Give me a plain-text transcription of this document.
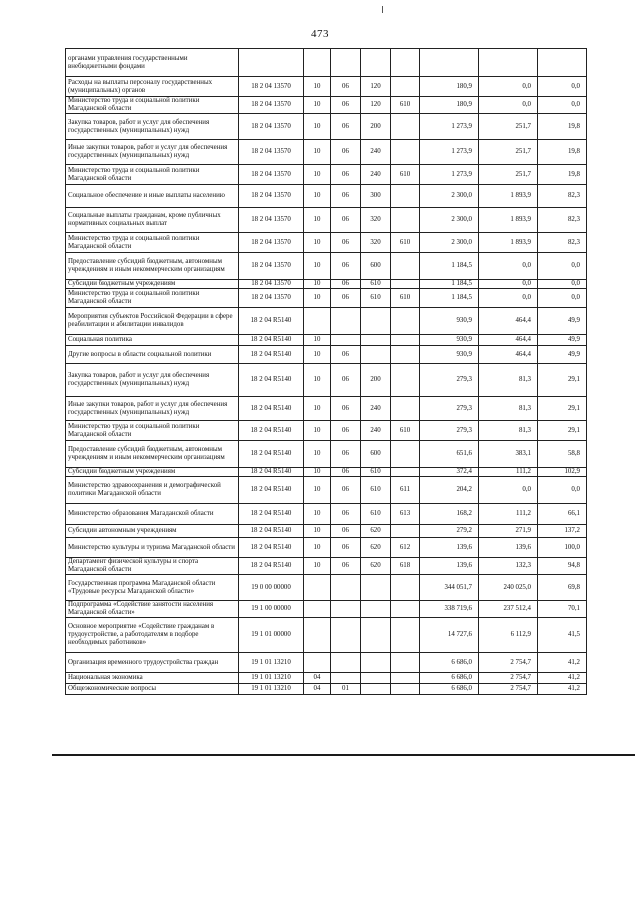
473
органами управления государственными внебюджетными фондами								
Расходы на выплаты персоналу государственных (муниципальных) органов	18 2 04 13570	10	06	120		180,9	0,0	0,0
Министерство труда и социальной политики Магаданской области	18 2 04 13570	10	06	120	610	180,9	0,0	0,0
Закупка товаров, работ и услуг для обеспечения государственных (муниципальных) нужд	18 2 04 13570	10	06	200		1 273,9	251,7	19,8
Иные закупки товаров, работ и услуг для обеспечения государственных (муниципальных) нужд	18 2 04 13570	10	06	240		1 273,9	251,7	19,8
Министерство труда и социальной политики Магаданской области	18 2 04 13570	10	06	240	610	1 273,9	251,7	19,8
Социальное обеспечение и иные выплаты населению	18 2 04 13570	10	06	300		2 300,0	1 893,9	82,3
Социальные выплаты гражданам, кроме публичных нормативных социальных выплат	18 2 04 13570	10	06	320		2 300,0	1 893,9	82,3
Министерство труда и социальной политики Магаданской области	18 2 04 13570	10	06	320	610	2 300,0	1 893,9	82,3
Предоставление субсидий бюджетным, автономным учреждениям и иным некоммерческим организациям	18 2 04 13570	10	06	600		1 184,5	0,0	0,0
Субсидии бюджетным учреждениям	18 2 04 13570	10	06	610		1 184,5	0,0	0,0
Министерство труда и социальной политики Магаданской области	18 2 04 13570	10	06	610	610	1 184,5	0,0	0,0
Мероприятия субъектов Российской Федерации в сфере реабилитации и абилитации инвалидов	18 2 04 R5140					930,9	464,4	49,9
Социальная политика	18 2 04 R5140	10				930,9	464,4	49,9
Другие вопросы в области социальной политики	18 2 04 R5140	10	06			930,9	464,4	49,9
Закупка товаров, работ и услуг для обеспечения государственных (муниципальных) нужд	18 2 04 R5140	10	06	200		279,3	81,3	29,1
Иные закупки товаров, работ и услуг для обеспечения государственных (муниципальных) нужд	18 2 04 R5140	10	06	240		279,3	81,3	29,1
Министерство труда и социальной политики Магаданской области	18 2 04 R5140	10	06	240	610	279,3	81,3	29,1
Предоставление субсидий бюджетным, автономным учреждениям и иным некоммерческим организациям	18 2 04 R5140	10	06	600		651,6	383,1	58,8
Субсидии бюджетным учреждениям	18 2 04 R5140	10	06	610		372,4	111,2	102,9
Министерство здравоохранения и демографической политики Магаданской области	18 2 04 R5140	10	06	610	611	204,2	0,0	0,0
Министерство образования Магаданской области	18 2 04 R5140	10	06	610	613	168,2	111,2	66,1
Субсидии автономным учреждениям	18 2 04 R5140	10	06	620		279,2	271,9	137,2
Министерство культуры и туризма Магаданской области	18 2 04 R5140	10	06	620	612	139,6	139,6	100,0
Департамент физической культуры и спорта Магаданской области	18 2 04 R5140	10	06	620	618	139,6	132,3	94,8
Государственная программа Магаданской области «Трудовые ресурсы Магаданской области»	19 0 00 00000					344 051,7	240 025,0	69,8
Подпрограмма «Содействие занятости населения Магаданской области»	19 1 00 00000					338 719,6	237 512,4	70,1
Основное мероприятие «Содействие гражданам в трудоустройстве, а работодателям в подборе необходимых работников»	19 1 01 00000					14 727,6	6 112,9	41,5
Организация временного трудоустройства граждан	19 1 01 13210					6 686,0	2 754,7	41,2
Национальная экономика	19 1 01 13210	04				6 686,0	2 754,7	41,2
Общеэкономические вопросы	19 1 01 13210	04	01			6 686,0	2 754,7	41,2
